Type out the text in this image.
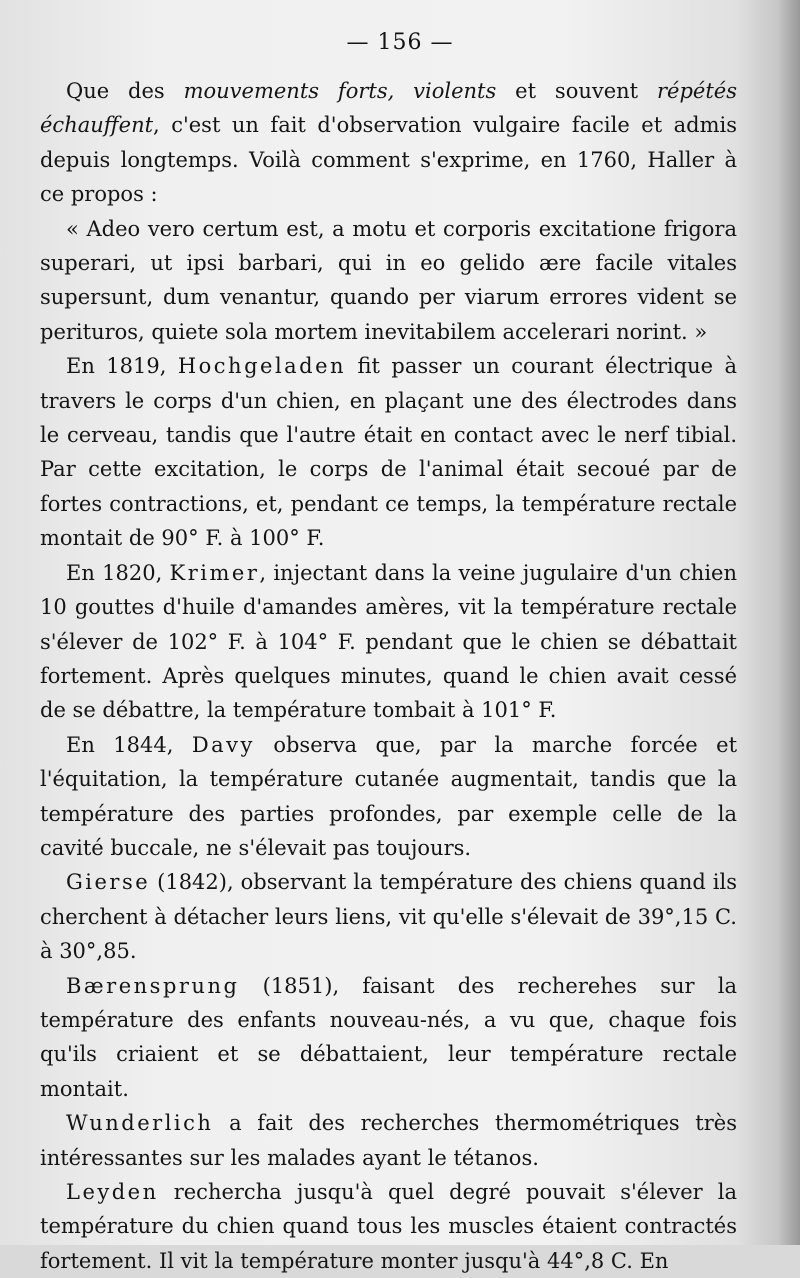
— 156 —

Que des mouvements forts, violents et souvent répétés échauffent, c'est un fait d'observation vulgaire facile et admis depuis longtemps. Voilà comment s'exprime, en 1760, Haller à ce propos :

« Adeo vero certum est, a motu et corporis excitatione frigora superari, ut ipsi barbari, qui in eo gelido ære facile vitales supersunt, dum venantur, quando per viarum errores vident se perituros, quiete sola mortem inevitabilem accelerari norint. »

En 1819, Hochgeladen fit passer un courant électrique à travers le corps d'un chien, en plaçant une des électrodes dans le cerveau, tandis que l'autre était en contact avec le nerf tibial. Par cette excitation, le corps de l'animal était secoué par de fortes contractions, et, pendant ce temps, la température rectale montait de 90° F. à 100° F.

En 1820, Krimer, injectant dans la veine jugulaire d'un chien 10 gouttes d'huile d'amandes amères, vit la température rectale s'élever de 102° F. à 104° F. pendant que le chien se débattait fortement. Après quelques minutes, quand le chien avait cessé de se débattre, la température tombait à 101° F.

En 1844, Davy observa que, par la marche forcée et l'équitation, la température cutanée augmentait, tandis que la température des parties profondes, par exemple celle de la cavité buccale, ne s'élevait pas toujours.

Gierse (1842), observant la température des chiens quand ils cherchent à détacher leurs liens, vit qu'elle s'élevait de 39°,15 C. à 30°,85.

Bærensprung (1851), faisant des recherehes sur la température des enfants nouveau-nés, a vu que, chaque fois qu'ils criaient et se débattaient, leur température rectale montait.

Wunderlich a fait des recherches thermométriques très intéressantes sur les malades ayant le tétanos.

Leyden rechercha jusqu'à quel degré pouvait s'élever la température du chien quand tous les muscles étaient contractés fortement. Il vit la température monter jusqu'à 44°,8 C. En
